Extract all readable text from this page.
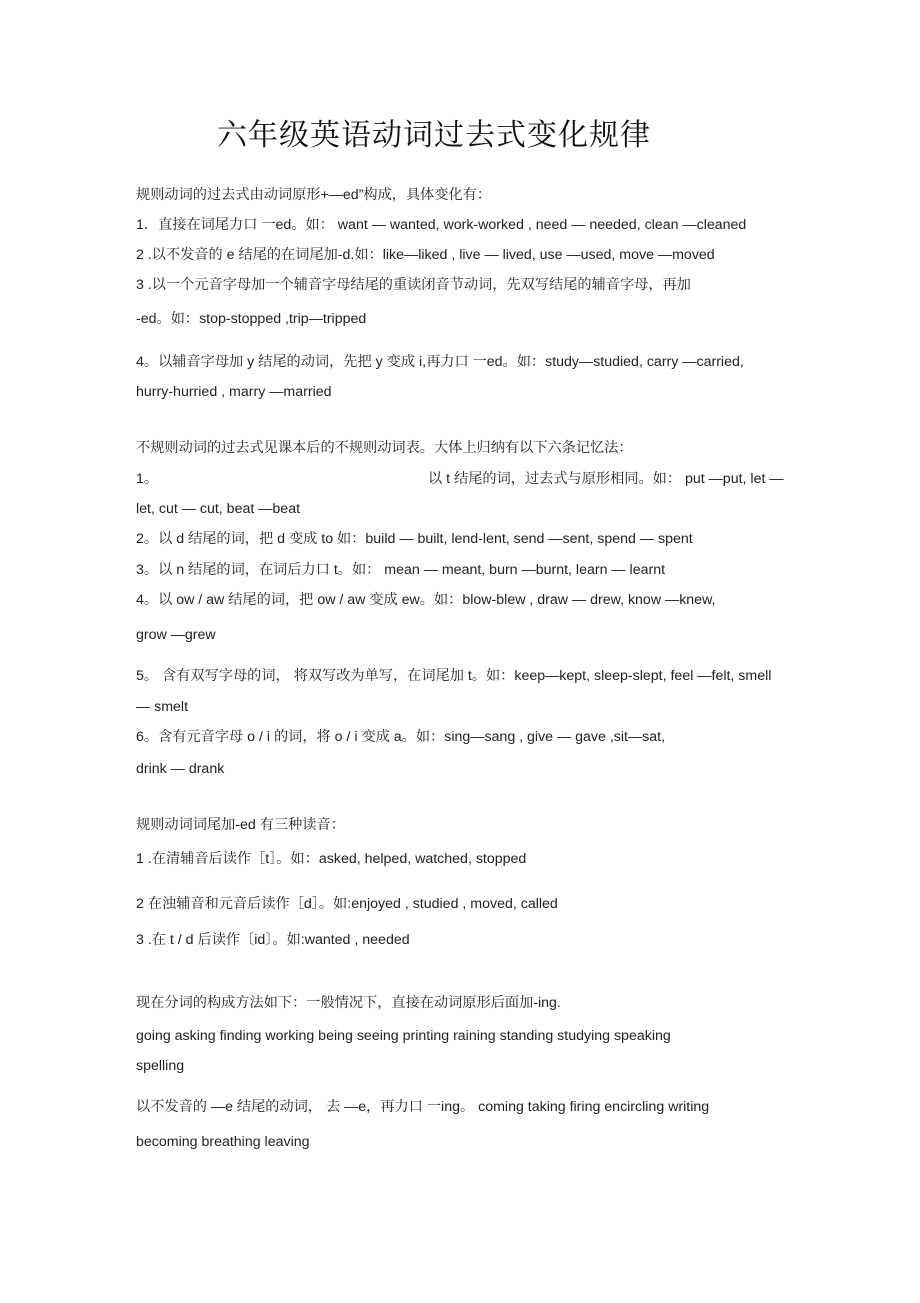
六年级英语动词过去式变化规律
规则动词的过去式由动词原形+—ed”构成，具体变化有：
1．直接在词尾力口 一ed。如： want — wanted, work-worked , need — needed, clean —cleaned
2 .以不发音的 e 结尾的在词尾加-d.如：like—liked , live — lived, use —used, move —moved
3 .以一个元音字母加一个辅音字母结尾的重读闭音节动词，先双写结尾的辅音字母，再加
-ed。如：stop-stopped ,trip—tripped
4。以辅音字母加 y 结尾的动词，先把 y 变成 i,再力口 一ed。如：study—studied, carry —carried,
hurry-hurried , marry —married
不规则动词的过去式见课本后的不规则动词表。大体上归纳有以下六条记忆法：
1。	以 t 结尾的词，过去式与原形相同。如： put —put, let —
let, cut — cut, beat —beat
2。以 d 结尾的词，把 d 变成 to 如：build — built, lend-lent, send —sent, spend — spent
3。以 n 结尾的词，在词后力口 t。如： mean — meant, burn —burnt, learn — learnt
4。以 ow / aw 结尾的词，把 ow / aw 变成 ew。如：blow-blew , draw — drew, know —knew,
grow —grew
5。 含有双写字母的词， 将双写改为单写，在词尾加 t。如：keep—kept, sleep-slept, feel —felt, smell
— smelt
6。含有元音字母 o / i 的词，将 o / i 变成 a。如：sing—sang , give — gave ,sit—sat,
drink — drank
规则动词词尾加-ed 有三种读音：
1 .在清辅音后读作［t］。如：asked, helped, watched, stopped
2 在浊辅音和元音后读作［d］。如:enjoyed , studied , moved, called
3 .在 t / d 后读作〔id〕。如:wanted , needed
现在分词的构成方法如下：一般情况下，直接在动词原形后面加-ing.
going asking finding working being seeing printing raining standing studying speaking
spelling
以不发音的 —e 结尾的动词， 去 —e，再力口 一ing。 coming taking firing encircling writing
becoming breathing leaving
